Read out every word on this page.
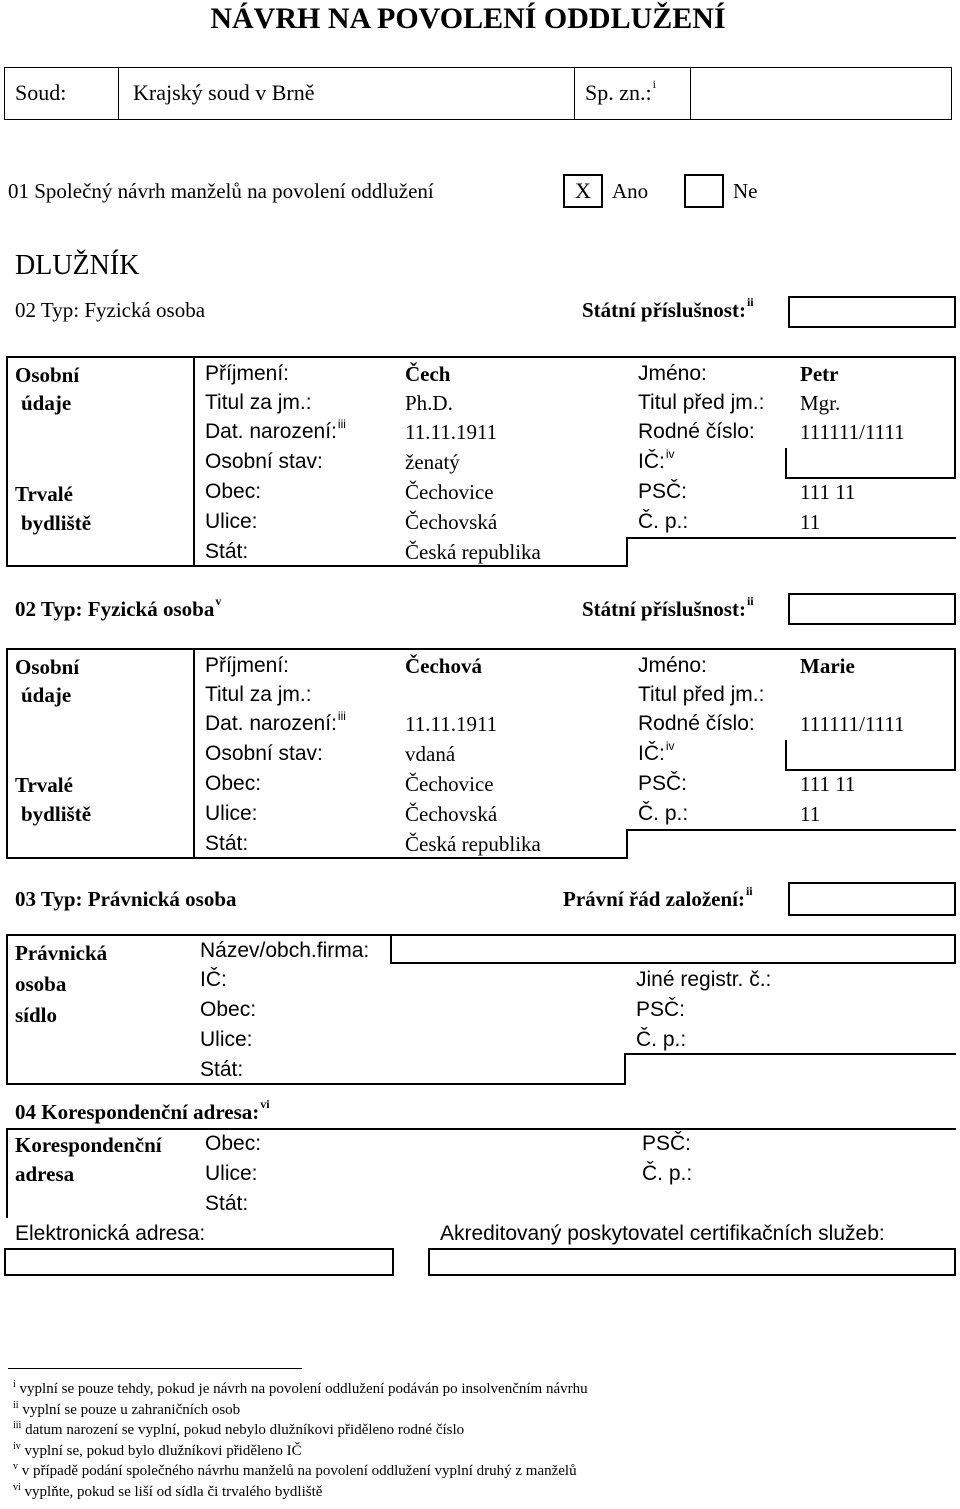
NÁVRH NA POVOLENÍ ODDLUŽENÍ
Soud:	Krajský soud v Brně	Sp. zn.:$^i$
01 Společný návrh manželů na povolení oddlužení	X	Ano	Ne
DLUŽNÍK
02 Typ: Fyzická osoba	Státní příslušnost:$^{ii}$
Osobní
údaje
Trvalé
bydliště
Příjmení:	Čech	Jméno:	Petr
Titul za jm.:	Ph.D.	Titul před jm.: Mgr.
Dat. narození:$^{iii}$	11.11.1911	Rodné číslo: 111111/1111
Osobní stav:	ženatý	IČ:$^{iv}$
Obec:	Čechovice	PSČ:	111 11
Ulice:	Čechovská	Č. p.:	11
Stát:	Česká republika
02 Typ: Fyzická osoba$^v$	Státní příslušnost:$^{ii}$
Osobní
údaje
Trvalé
bydliště
Příjmení:	Čechová	Jméno:	Marie
Titul za jm.:	Titul před jm.:
Dat. narození:$^{iii}$	11.11.1911	Rodné číslo: 111111/1111
Osobní stav:	vdaná	IČ:$^{iv}$
Obec:	Čechovice	PSČ:	111 11
Ulice:	Čechovská	Č. p.:	11
Stát:	Česká republika
03 Typ: Právnická osoba	Právní řád založení:$^{ii}$
Právnická
osoba
sídlo
Název/obch.firma:
IČ:	Jiné registr. č.:
Obec:	PSČ:
Ulice:	Č. p.:
Stát:
04 Korespondenční adresa:$^{vi}$
Korespondenční
adresa
Obec:	PSČ:
Ulice:	Č. p.:
Stát:
Elektronická adresa:	Akreditovaný poskytovatel certifikačních služeb:
$^i$ vyplní se pouze tehdy, pokud je návrh na povolení oddlužení podáván po insolvenčním návrhu
$^{ii}$ vyplní se pouze u zahraničních osob
$^{iii}$ datum narození se vyplní, pokud nebylo dlužníkovi přiděleno rodné číslo
$^{iv}$ vyplní se, pokud bylo dlužníkovi přiděleno IČ
$^v$ v případě podání společného návrhu manželů na povolení oddlužení vyplní druhý z manželů
$^{vi}$ vyplňte, pokud se liší od sídla či trvalého bydliště
